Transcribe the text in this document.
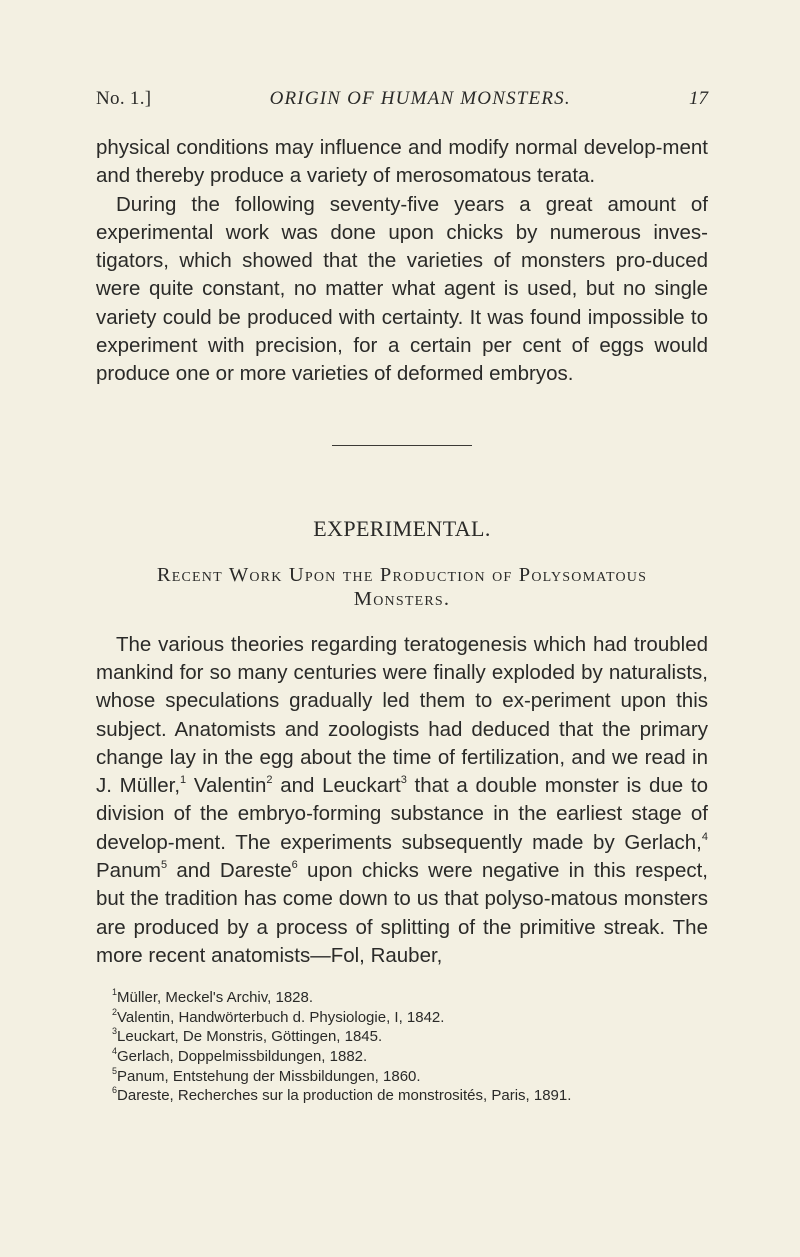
No. 1.]	ORIGIN OF HUMAN MONSTERS.	17

physical conditions may influence and modify normal develop-ment and thereby produce a variety of merosomatous terata.

During the following seventy-five years a great amount of experimental work was done upon chicks by numerous inves-tigators, which showed that the varieties of monsters pro-duced were quite constant, no matter what agent is used, but no single variety could be produced with certainty. It was found impossible to experiment with precision, for a certain per cent of eggs would produce one or more varieties of deformed embryos.

EXPERIMENTAL.
Recent Work Upon the Production of Polysomatous
Monsters.

The various theories regarding teratogenesis which had troubled mankind for so many centuries were finally exploded by naturalists, whose speculations gradually led them to ex-periment upon this subject. Anatomists and zoologists had deduced that the primary change lay in the egg about the time of fertilization, and we read in J. Müller,$^1$ Valentin$^2$ and Leuckart$^3$ that a double monster is due to division of the embryo-forming substance in the earliest stage of develop-ment. The experiments subsequently made by Gerlach,$^4$ Panum$^5$ and Dareste$^6$ upon chicks were negative in this respect, but the tradition has come down to us that polyso-matous monsters are produced by a process of splitting of the primitive streak. The more recent anatomists—Fol, Rauber,

$^1$Müller, Meckel's Archiv, 1828.
$^2$Valentin, Handwörterbuch d. Physiologie, I, 1842.
$^3$Leuckart, De Monstris, Göttingen, 1845.
$^4$Gerlach, Doppelmissbildungen, 1882.
$^5$Panum, Entstehung der Missbildungen, 1860.
$^6$Dareste, Recherches sur la production de monstrosités, Paris, 1891.
